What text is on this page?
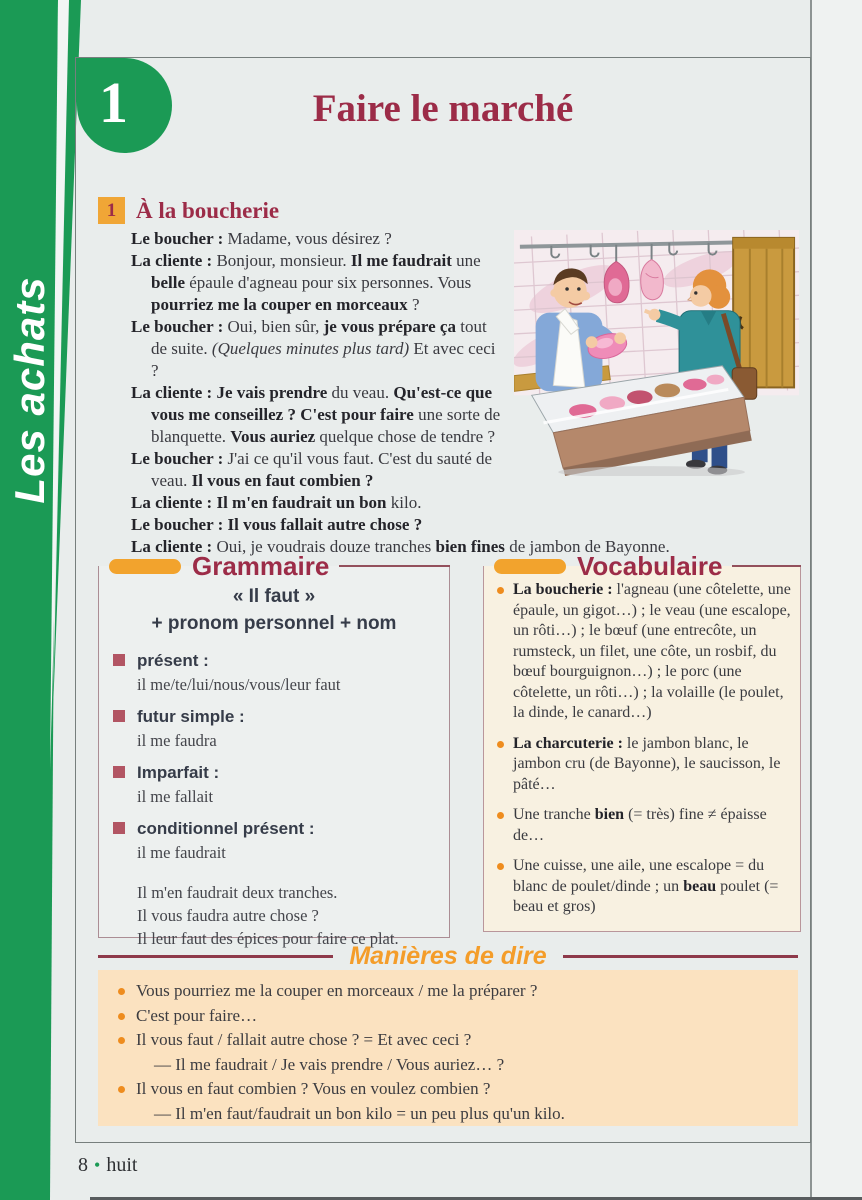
Les achats
1	Faire le marché
1 À la boucherie

Le boucher : Madame, vous désirez ?

La cliente : Bonjour, monsieur. Il me faudrait une belle épaule d'agneau pour six personnes. Vous pourriez me la couper en morceaux ?

Le boucher : Oui, bien sûr, je vous prépare ça tout de suite. (Quelques minutes plus tard) Et avec ceci ?

La cliente : Je vais prendre du veau. Qu'est-ce que vous me conseillez ? C'est pour faire une sorte de blanquette. Vous auriez quelque chose de tendre ?

Le boucher : J'ai ce qu'il vous faut. C'est du sauté de veau. Il vous en faut combien ?

La cliente : Il m'en faudrait un bon kilo.

Le boucher : Il vous fallait autre chose ?

La cliente : Oui, je voudrais douze tranches bien fines de jambon de Bayonne.

Grammaire
« Il faut »
+ pronom personnel + nom
présent :
il me/te/lui/nous/vous/leur faut
futur simple :
il me faudra
Imparfait :
il me fallait
conditionnel présent :
il me faudrait

Il m'en faudrait deux tranches.

Il vous faudra autre chose ?

Il leur faut des épices pour faire ce plat.

Vocabulaire
La boucherie : l'agneau (une côtelette, une épaule, un gigot…) ; le veau (une escalope, un rôti…) ; le bœuf (une entrecôte, un rumsteck, un filet, une côte, un rosbif, du bœuf bourguignon…) ; le porc (une côtelette, un rôti…) ; la volaille (le poulet, la dinde, le canard…)
La charcuterie : le jambon blanc, le jambon cru (de Bayonne), le saucisson, le pâté…
Une tranche bien (= très) fine ≠ épaisse de…
Une cuisse, une aile, une escalope = du blanc de poulet/dinde ; un beau poulet (= beau et gros)
Manières de dire
Vous pourriez me la couper en morceaux / me la préparer ?
C'est pour faire…
Il vous faut / fallait autre chose ? = Et avec ceci ?
— Il me faudrait / Je vais prendre / Vous auriez… ?
Il vous en faut combien ? Vous en voulez combien ?
— Il m'en faut/faudrait un bon kilo = un peu plus qu'un kilo.
8 • huit
